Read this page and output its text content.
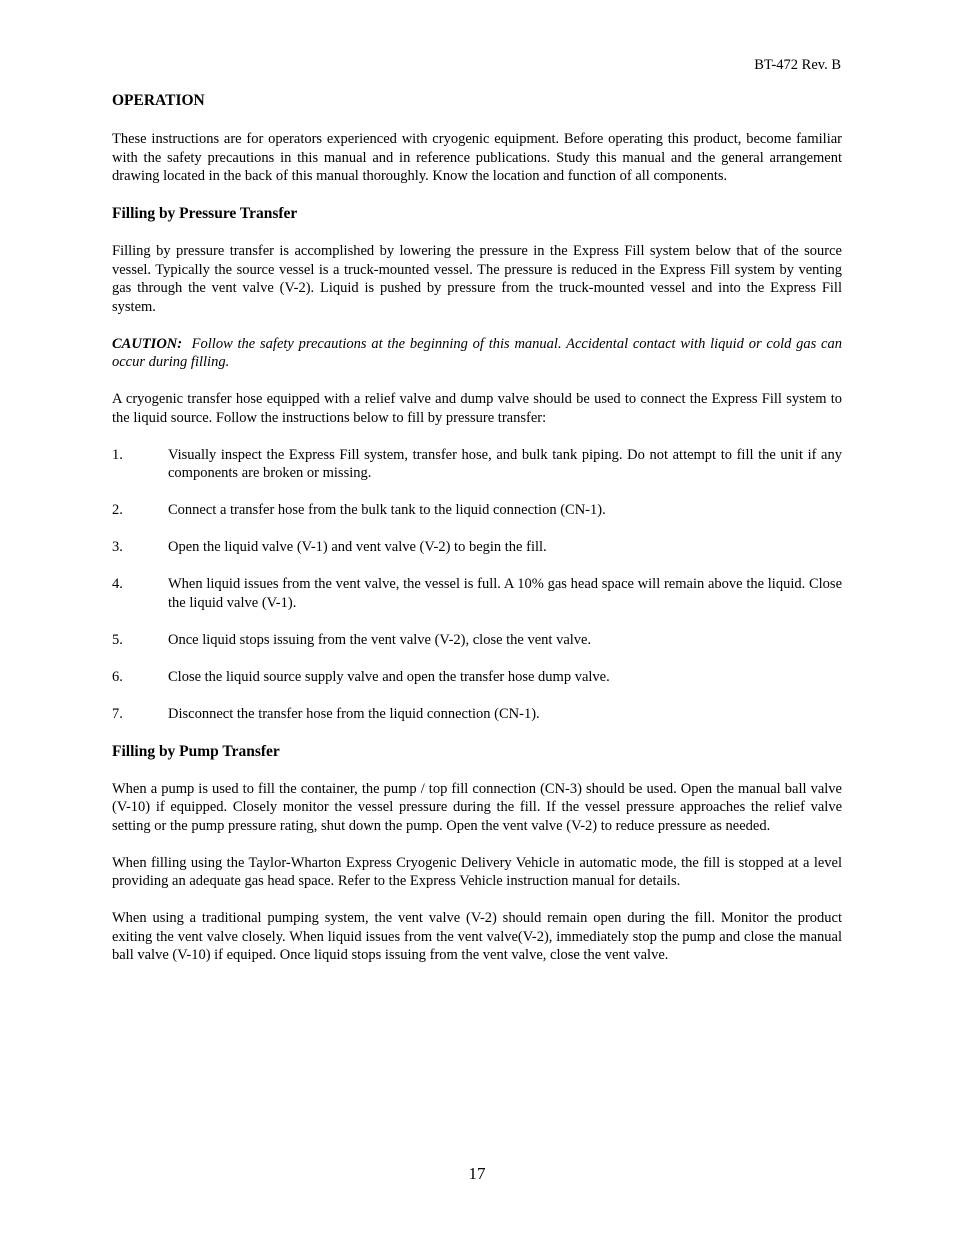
BT-472 Rev. B
OPERATION

These instructions are for operators experienced with cryogenic equipment. Before operating this product, become familiar with the safety precautions in this manual and in reference publications. Study this manual and the general arrangement drawing located in the back of this manual thoroughly. Know the location and function of all components.

Filling by Pressure Transfer

Filling by pressure transfer is accomplished by lowering the pressure in the Express Fill system below that of the source vessel. Typically the source vessel is a truck-mounted vessel. The pressure is reduced in the Express Fill system by venting gas through the vent valve (V-2). Liquid is pushed by pressure from the truck-mounted vessel and into the Express Fill system.

CAUTION: Follow the safety precautions at the beginning of this manual. Accidental contact with liquid or cold gas can occur during filling.

A cryogenic transfer hose equipped with a relief valve and dump valve should be used to connect the Express Fill system to the liquid source. Follow the instructions below to fill by pressure transfer:

1.	Visually inspect the Express Fill system, transfer hose, and bulk tank piping. Do not attempt to fill the unit if any components are broken or missing.
2.	Connect a transfer hose from the bulk tank to the liquid connection (CN-1).
3.	Open the liquid valve (V-1) and vent valve (V-2) to begin the fill.
4.	When liquid issues from the vent valve, the vessel is full. A 10% gas head space will remain above the liquid. Close the liquid valve (V-1).
5.	Once liquid stops issuing from the vent valve (V-2), close the vent valve.
6.	Close the liquid source supply valve and open the transfer hose dump valve.
7.	Disconnect the transfer hose from the liquid connection (CN-1).
Filling by Pump Transfer

When a pump is used to fill the container, the pump / top fill connection (CN-3) should be used. Open the manual ball valve (V-10) if equipped. Closely monitor the vessel pressure during the fill. If the vessel pressure approaches the relief valve setting or the pump pressure rating, shut down the pump. Open the vent valve (V-2) to reduce pressure as needed.

When filling using the Taylor-Wharton Express Cryogenic Delivery Vehicle in automatic mode, the fill is stopped at a level providing an adequate gas head space. Refer to the Express Vehicle instruction manual for details.

When using a traditional pumping system, the vent valve (V-2) should remain open during the fill. Monitor the product exiting the vent valve closely. When liquid issues from the vent valve(V-2), immediately stop the pump and close the manual ball valve (V-10) if equiped. Once liquid stops issuing from the vent valve, close the vent valve.

17
